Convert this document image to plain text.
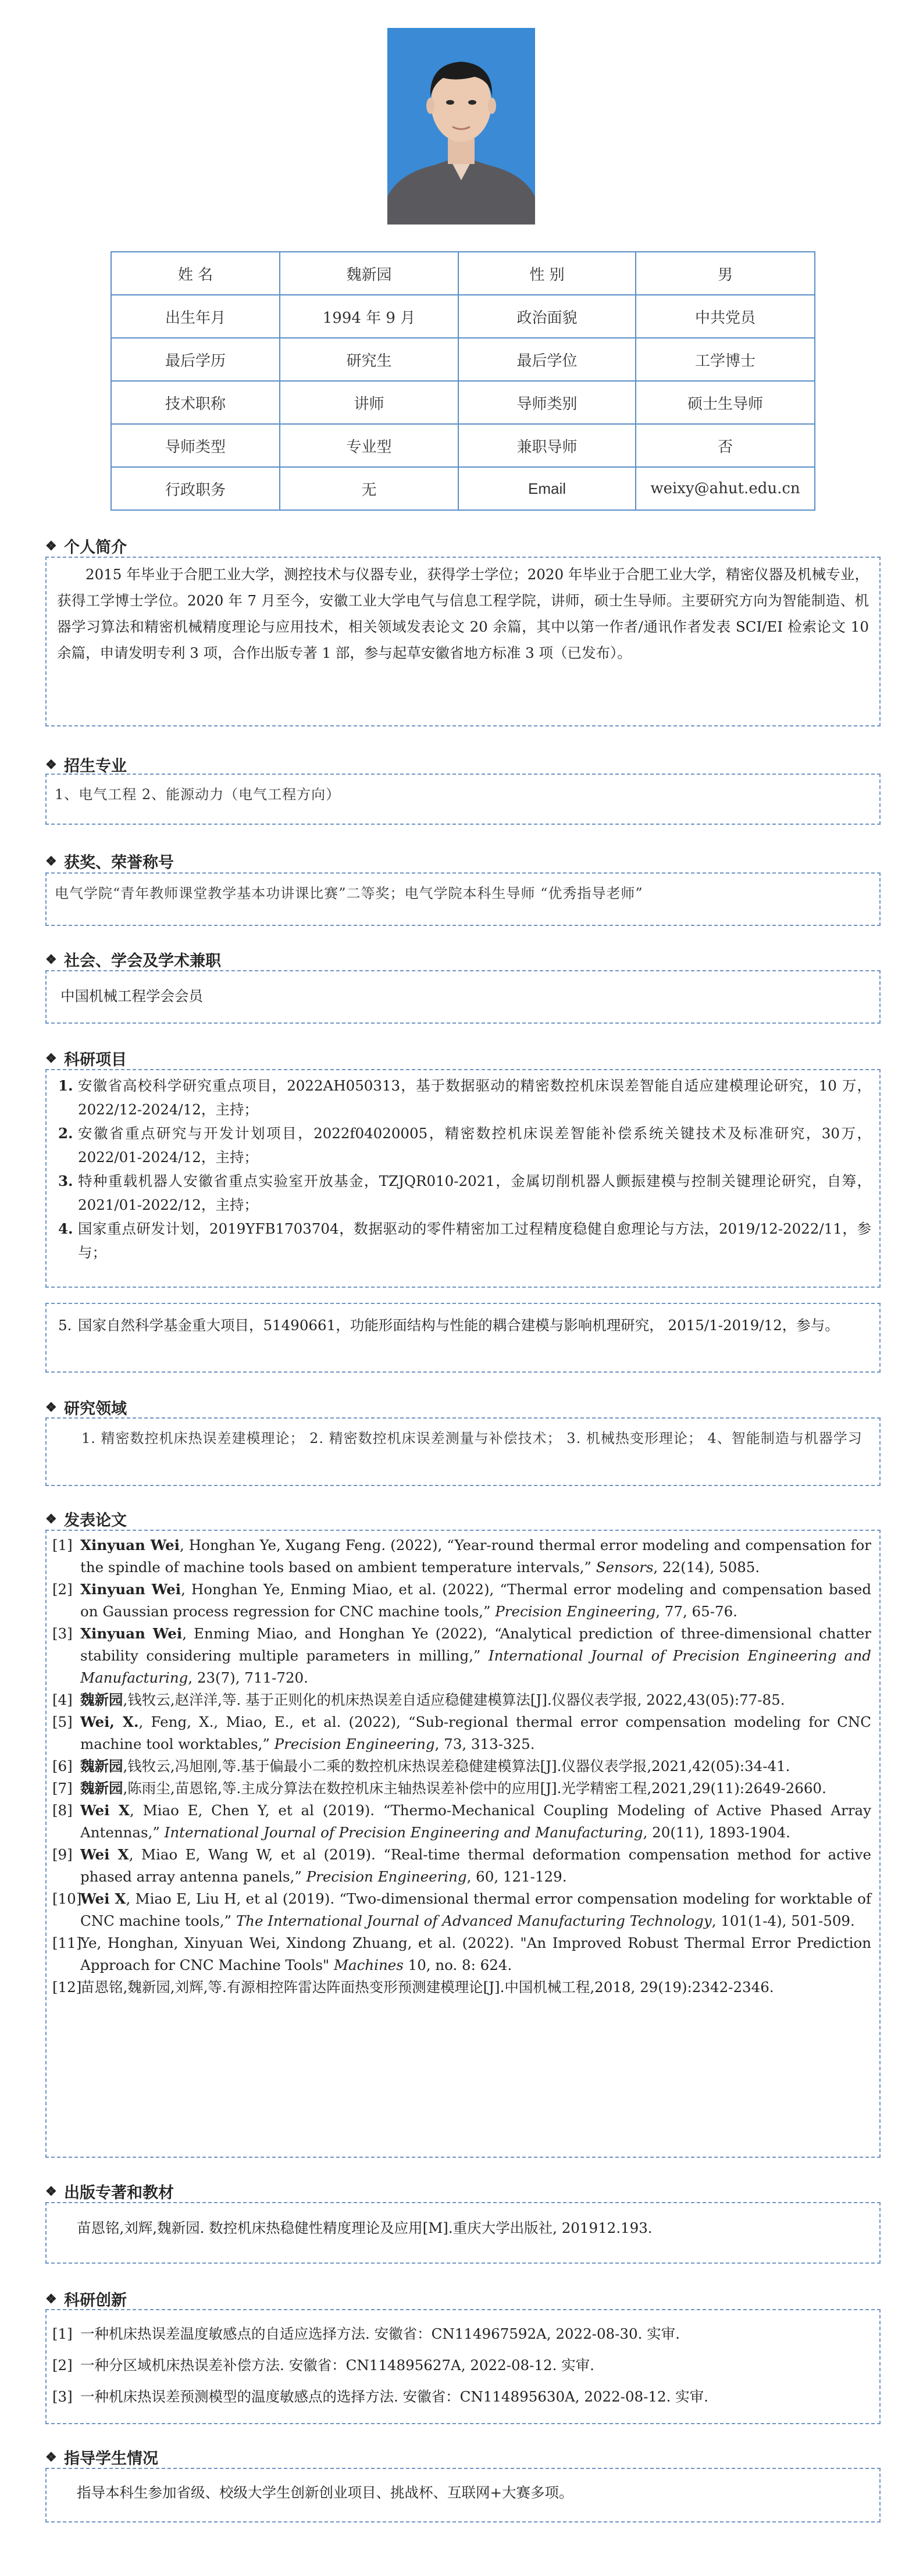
姓 名	魏新园	性 别	男
出生年月	1994 年 9 月	政治面貌	中共党员
最后学历	研究生	最后学位	工学博士
技术职称	讲师	导师类别	硕士生导师
导师类型	专业型	兼职导师	否
行政职务	无	Email	weixy@ahut.edu.cn
❖ 个人简介
2015 年毕业于合肥工业大学，测控技术与仪器专业，获得学士学位；2020 年毕业于合肥工业大学，精密仪器及机械专业，获得工学博士学位。2020 年 7 月至今，安徽工业大学电气与信息工程学院，讲师，硕士生导师。主要研究方向为智能制造、机器学习算法和精密机械精度理论与应用技术，相关领域发表论文 20 余篇，其中以第一作者/通讯作者发表 SCI/EI 检索论文 10 余篇，申请发明专利 3 项，合作出版专著 1 部，参与起草安徽省地方标准 3 项（已发布）。
❖ 招生专业
1、电气工程 2、能源动力（电气工程方向）
❖ 获奖、荣誉称号
电气学院“青年教师课堂教学基本功讲课比赛”二等奖；电气学院本科生导师 “优秀指导老师”
❖ 社会、学会及学术兼职
中国机械工程学会会员
❖ 科研项目
1. 安徽省高校科学研究重点项目，2022AH050313，基于数据驱动的精密数控机床误差智能自适应建模理论研究，10 万，2022/12-2024/12，主持；
2. 安徽省重点研究与开发计划项目，2022f04020005，精密数控机床误差智能补偿系统关键技术及标准研究，30万，2022/01-2024/12，主持；
3. 特种重载机器人安徽省重点实验室开放基金，TZJQR010-2021，金属切削机器人颤振建模与控制关键理论研究，自筹，2021/01-2022/12，主持；
4. 国家重点研发计划，2019YFB1703704，数据驱动的零件精密加工过程精度稳健自愈理论与方法，2019/12-2022/11，参与；
5. 国家自然科学基金重大项目，51490661，功能形面结构与性能的耦合建模与影响机理研究， 2015/1-2019/12，参与。
❖ 研究领域
1. 精密数控机床热误差建模理论； 2. 精密数控机床误差测量与补偿技术； 3. 机械热变形理论； 4、智能制造与机器学习
❖ 发表论文
[1] Xinyuan Wei, Honghan Ye, Xugang Feng. (2022), “Year-round thermal error modeling and compensation for the spindle of machine tools based on ambient temperature intervals,” Sensors, 22(14), 5085.
[2] Xinyuan Wei, Honghan Ye, Enming Miao, et al. (2022), “Thermal error modeling and compensation based on Gaussian process regression for CNC machine tools,” Precision Engineering, 77, 65-76.
[3] Xinyuan Wei, Enming Miao, and Honghan Ye (2022), “Analytical prediction of three-dimensional chatter stability considering multiple parameters in milling,” International Journal of Precision Engineering and Manufacturing, 23(7), 711-720.
[4] 魏新园,钱牧云,赵洋洋,等. 基于正则化的机床热误差自适应稳健建模算法[J].仪器仪表学报, 2022,43(05):77-85.
[5] Wei, X., Feng, X., Miao, E., et al. (2022), “Sub-regional thermal error compensation modeling for CNC machine tool worktables,” Precision Engineering, 73, 313-325.
[6] 魏新园,钱牧云,冯旭刚,等.基于偏最小二乘的数控机床热误差稳健建模算法[J].仪器仪表学报,2021,42(05):34-41.
[7] 魏新园,陈雨尘,苗恩铭,等.主成分算法在数控机床主轴热误差补偿中的应用[J].光学精密工程,2021,29(11):2649-2660.
[8] Wei X, Miao E, Chen Y, et al (2019). “Thermo-Mechanical Coupling Modeling of Active Phased Array Antennas,” International Journal of Precision Engineering and Manufacturing, 20(11), 1893-1904.
[9] Wei X, Miao E, Wang W, et al (2019). “Real-time thermal deformation compensation method for active phased array antenna panels,” Precision Engineering, 60, 121-129.
[10]
Wei X, Miao E, Liu H, et al (2019). “Two-dimensional thermal error compensation modeling for worktable of CNC machine tools,” The International Journal of Advanced Manufacturing Technology, 101(1-4), 501-509.
[11]
Ye, Honghan, Xinyuan Wei, Xindong Zhuang, et al. (2022). "An Improved Robust Thermal Error Prediction Approach for CNC Machine Tools" Machines 10, no. 8: 624.
[12]
苗恩铭,魏新园,刘辉,等.有源相控阵雷达阵面热变形预测建模理论[J].中国机械工程,2018, 29(19):2342-2346.
❖ 出版专著和教材
苗恩铭,刘辉,魏新园. 数控机床热稳健性精度理论及应用[M].重庆大学出版社, 201912.193.
❖ 科研创新
[1] 一种机床热误差温度敏感点的自适应选择方法. 安徽省：CN114967592A, 2022-08-30. 实审.
[2] 一种分区域机床热误差补偿方法. 安徽省：CN114895627A, 2022-08-12. 实审.
[3] 一种机床热误差预测模型的温度敏感点的选择方法. 安徽省：CN114895630A, 2022-08-12. 实审.
❖ 指导学生情况
指导本科生参加省级、校级大学生创新创业项目、挑战杯、互联网+大赛多项。
